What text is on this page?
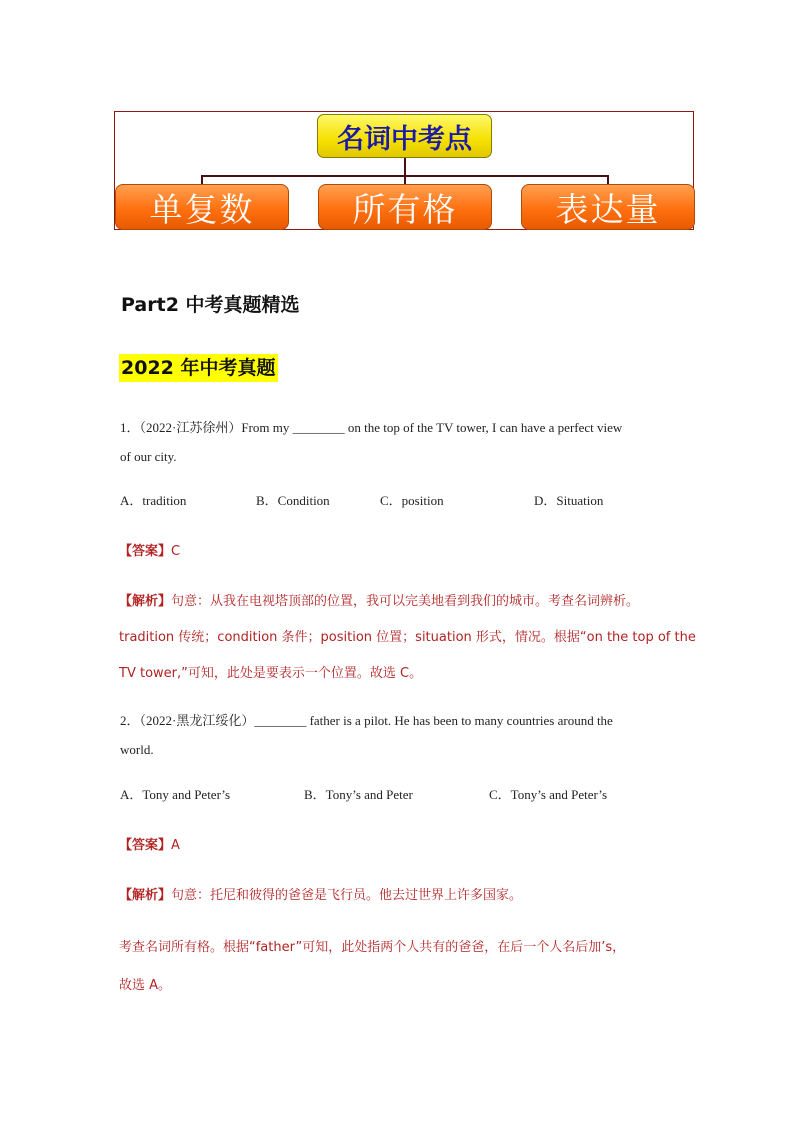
名词中考点
单复数	所有格	表达量
Part2 中考真题精选
2022 年中考真题
1．（2022·江苏徐州）From my ________ on the top of the TV tower, I can have a perfect view
of our city.
A．tradition	B．Condition	C．position	D．Situation
【答案】C
【解析】句意：从我在电视塔顶部的位置，我可以完美地看到我们的城市。考查名词辨析。
tradition 传统；condition 条件；position 位置；situation 形式，情况。根据“on the top of the
TV tower,”可知，此处是要表示一个位置。故选 C。
2．（2022·黑龙江绥化）________ father is a pilot. He has been to many countries around the
world.
A．Tony and Peter’s	B．Tony’s and Peter	C．Tony’s and Peter’s
【答案】A
【解析】句意：托尼和彼得的爸爸是飞行员。他去过世界上许多国家。
考查名词所有格。根据“father”可知，此处指两个人共有的爸爸，在后一个人名后加’s，
故选 A。
